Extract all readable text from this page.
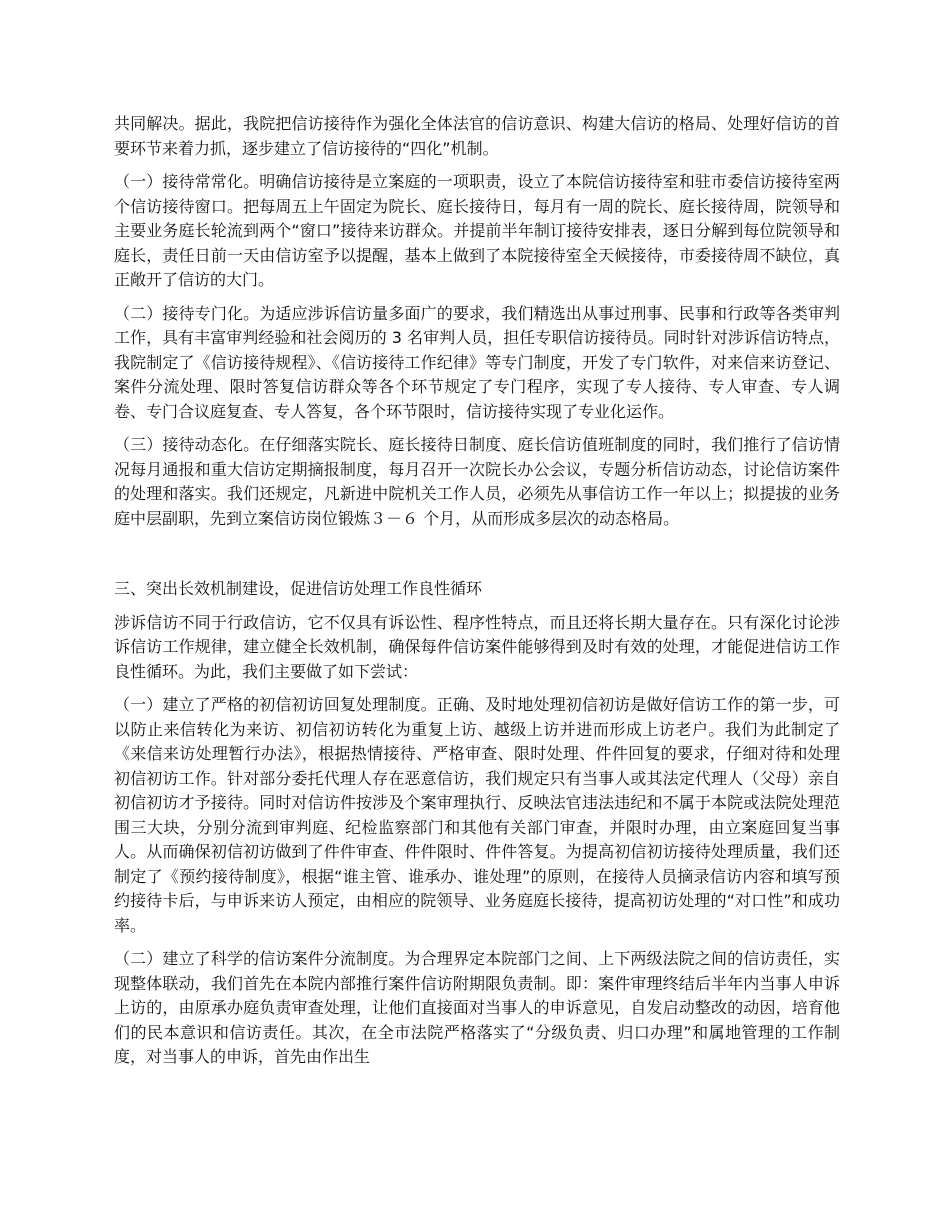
共同解决。据此，我院把信访接待作为强化全体法官的信访意识、构建大信访的格局、处理好信访的首要环节来着力抓，逐步建立了信访接待的“四化”机制。

（一）接待常常化。明确信访接待是立案庭的一项职责，设立了本院信访接待室和驻市委信访接待室两个信访接待窗口。把每周五上午固定为院长、庭长接待日，每月有一周的院长、庭长接待周，院领导和主要业务庭长轮流到两个“窗口”接待来访群众。并提前半年制订接待安排表，逐日分解到每位院领导和庭长，责任日前一天由信访室予以提醒，基本上做到了本院接待室全天候接待，市委接待周不缺位，真正敞开了信访的大门。

（二）接待专门化。为适应涉诉信访量多面广的要求，我们精选出从事过刑事、民事和行政等各类审判工作，具有丰富审判经验和社会阅历的 3 名审判人员，担任专职信访接待员。同时针对涉诉信访特点，我院制定了《信访接待规程》、《信访接待工作纪律》等专门制度，开发了专门软件，对来信来访登记、案件分流处理、限时答复信访群众等各个环节规定了专门程序，实现了专人接待、专人审查、专人调卷、专门合议庭复查、专人答复，各个环节限时，信访接待实现了专业化运作。

（三）接待动态化。在仔细落实院长、庭长接待日制度、庭长信访值班制度的同时，我们推行了信访情况每月通报和重大信访定期摘报制度，每月召开一次院长办公会议，专题分析信访动态，讨论信访案件的处理和落实。我们还规定，凡新进中院机关工作人员，必须先从事信访工作一年以上；拟提拔的业务庭中层副职，先到立案信访岗位锻炼３－６ 个月，从而形成多层次的动态格局。

三、突出长效机制建设，促进信访处理工作良性循环

涉诉信访不同于行政信访，它不仅具有诉讼性、程序性特点，而且还将长期大量存在。只有深化讨论涉诉信访工作规律，建立健全长效机制，确保每件信访案件能够得到及时有效的处理，才能促进信访工作良性循环。为此，我们主要做了如下尝试：

（一）建立了严格的初信初访回复处理制度。正确、及时地处理初信初访是做好信访工作的第一步，可以防止来信转化为来访、初信初访转化为重复上访、越级上访并进而形成上访老户。我们为此制定了《来信来访处理暂行办法》，根据热情接待、严格审查、限时处理、件件回复的要求，仔细对待和处理初信初访工作。针对部分委托代理人存在恶意信访，我们规定只有当事人或其法定代理人（父母）亲自初信初访才予接待。同时对信访件按涉及个案审理执行、反映法官违法违纪和不属于本院或法院处理范围三大块，分别分流到审判庭、纪检监察部门和其他有关部门审查，并限时办理，由立案庭回复当事人。从而确保初信初访做到了件件审查、件件限时、件件答复。为提高初信初访接待处理质量，我们还制定了《预约接待制度》，根据“谁主管、谁承办、谁处理”的原则，在接待人员摘录信访内容和填写预约接待卡后，与申诉来访人预定，由相应的院领导、业务庭庭长接待，提高初访处理的“对口性”和成功率。

（二）建立了科学的信访案件分流制度。为合理界定本院部门之间、上下两级法院之间的信访责任，实现整体联动，我们首先在本院内部推行案件信访附期限负责制。即：案件审理终结后半年内当事人申诉上访的，由原承办庭负责审查处理，让他们直接面对当事人的申诉意见，自发启动整改的动因，培育他们的民本意识和信访责任。其次，在全市法院严格落实了“分级负责、归口办理”和属地管理的工作制度，对当事人的申诉，首先由作出生
